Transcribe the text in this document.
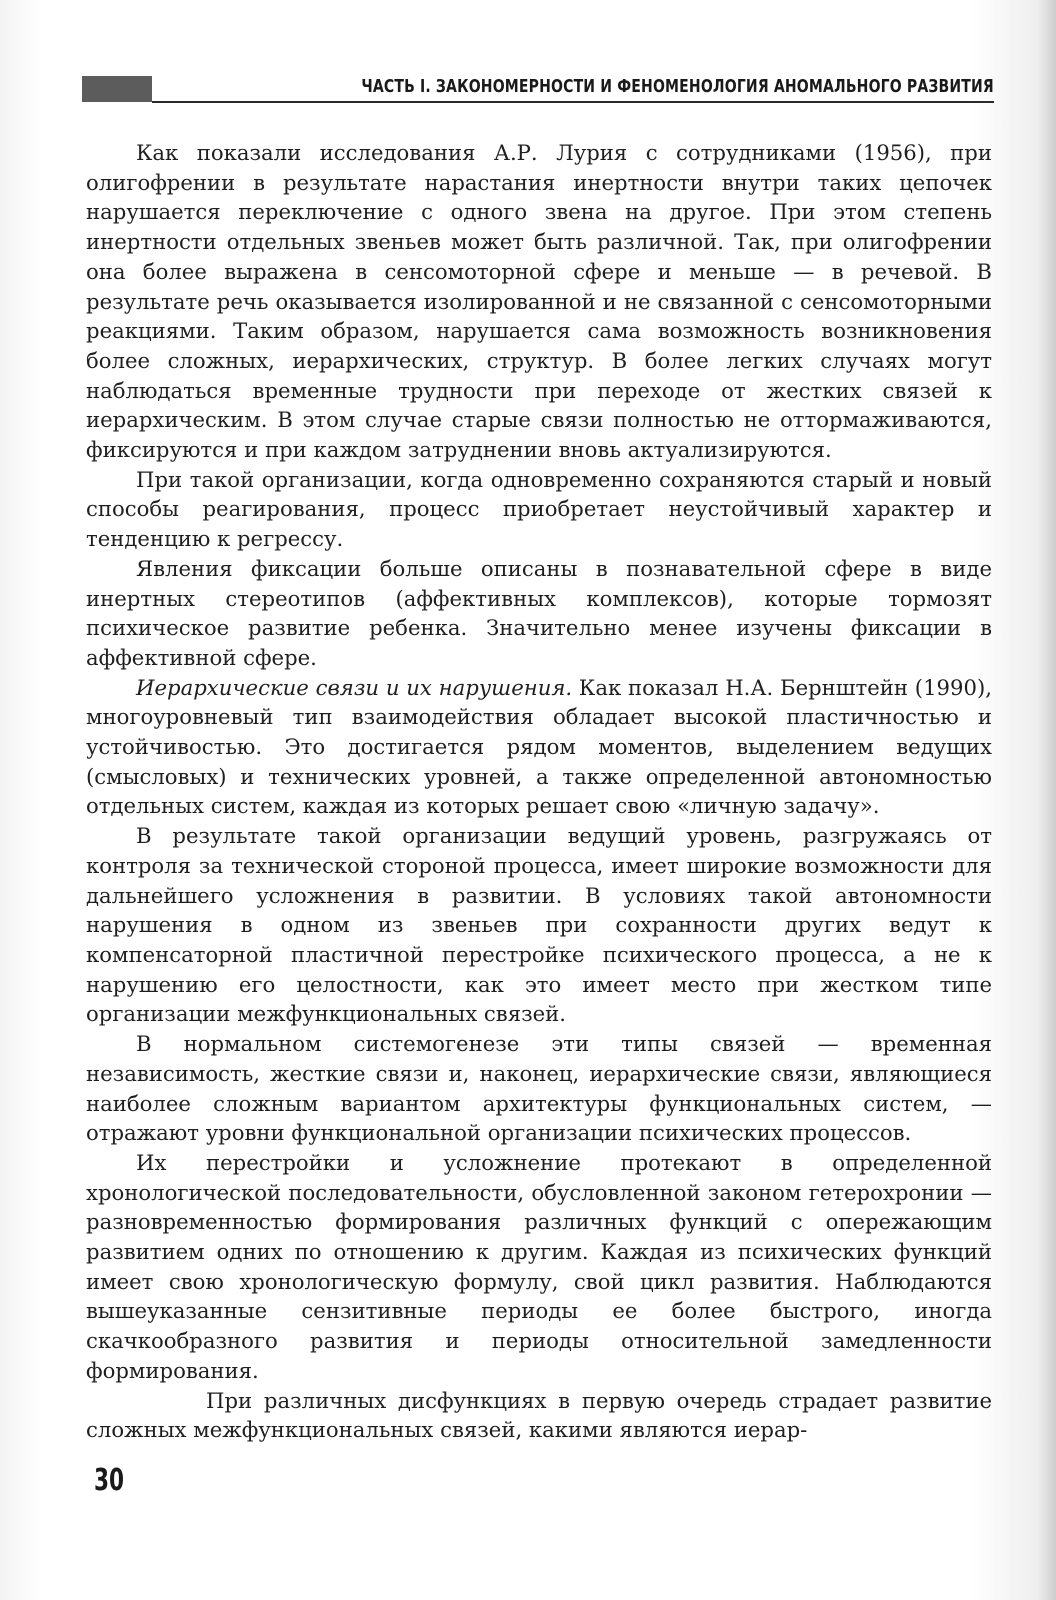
ЧАСТЬ I. ЗАКОНОМЕРНОСТИ И ФЕНОМЕНОЛОГИЯ АНОМАЛЬНОГО РАЗВИТИЯ

Как показали исследования А.Р. Лурия с сотрудниками (1956), при олигофрении в результате нарастания инертности внутри таких цепочек нарушается переключение с одного звена на другое. При этом степень инертности отдельных звеньев может быть различной. Так, при олигофрении она более выражена в сенсомоторной сфере и меньше — в речевой. В результате речь оказывается изолированной и не связанной с сенсомоторными реакциями. Таким образом, нарушается сама возможность возникновения более сложных, иерархических, структур. В более легких случаях могут наблюдаться временные трудности при переходе от жестких связей к иерархическим. В этом случае старые связи полностью не оттормаживаются, фиксируются и при каждом затруднении вновь актуализируются.

При такой организации, когда одновременно сохраняются старый и новый способы реагирования, процесс приобретает неустойчивый характер и тенденцию к регрессу.

Явления фиксации больше описаны в познавательной сфере в виде инертных стереотипов (аффективных комплексов), которые тормозят психическое развитие ребенка. Значительно менее изучены фиксации в аффективной сфере.

Иерархические связи и их нарушения. Как показал Н.А. Бернштейн (1990), многоуровневый тип взаимодействия обладает высокой пластичностью и устойчивостью. Это достигается рядом моментов, выделением ведущих (смысловых) и технических уровней, а также определенной автономностью отдельных систем, каждая из которых решает свою «личную задачу».

В результате такой организации ведущий уровень, разгружаясь от контроля за технической стороной процесса, имеет широкие возможности для дальнейшего усложнения в развитии. В условиях такой автономности нарушения в одном из звеньев при сохранности других ведут к компенсаторной пластичной перестройке психического процесса, а не к нарушению его целостности, как это имеет место при жестком типе организации межфункциональных связей.

В нормальном системогенезе эти типы связей — временная независимость, жесткие связи и, наконец, иерархические связи, являющиеся наиболее сложным вариантом архитектуры функциональных систем, — отражают уровни функциональной организации психических процессов.

Их перестройки и усложнение протекают в определенной хронологической последовательности, обусловленной законом гетерохронии — разновременностью формирования различных функций с опережающим развитием одних по отношению к другим. Каждая из психических функций имеет свою хронологическую формулу, свой цикл развития. Наблюдаются вышеуказанные сензитивные периоды ее более быстрого, иногда скачкообразного развития и периоды относительной замедленности формирования.

При различных дисфункциях в первую очередь страдает развитие сложных межфункциональных связей, какими являются иерар-

30
